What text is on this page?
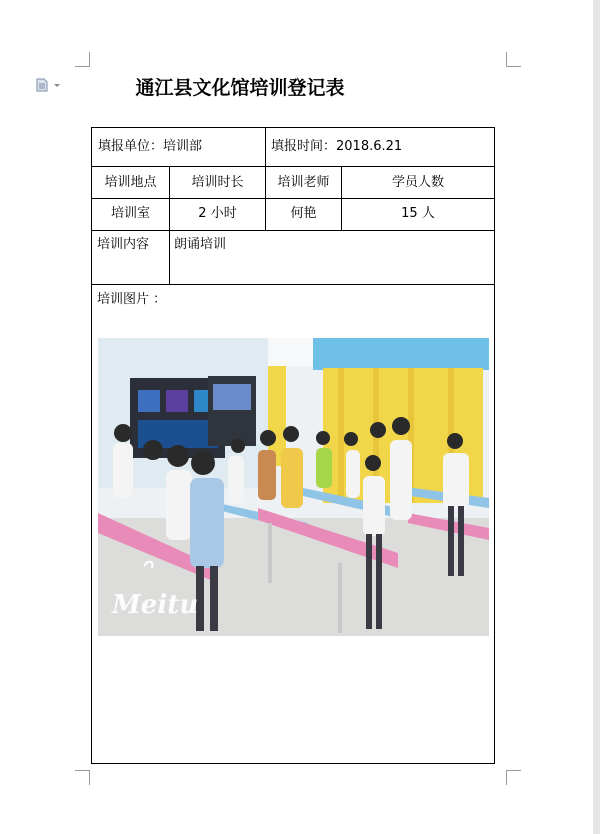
通江县文化馆培训登记表
填报单位：培训部	填报时间：2018.6.21
培训地点	培训时长	培训老师	学员人数
培训室	2 小时	何艳	15 人
培训内容 朗诵培训
培训图片 ：
Meitu
